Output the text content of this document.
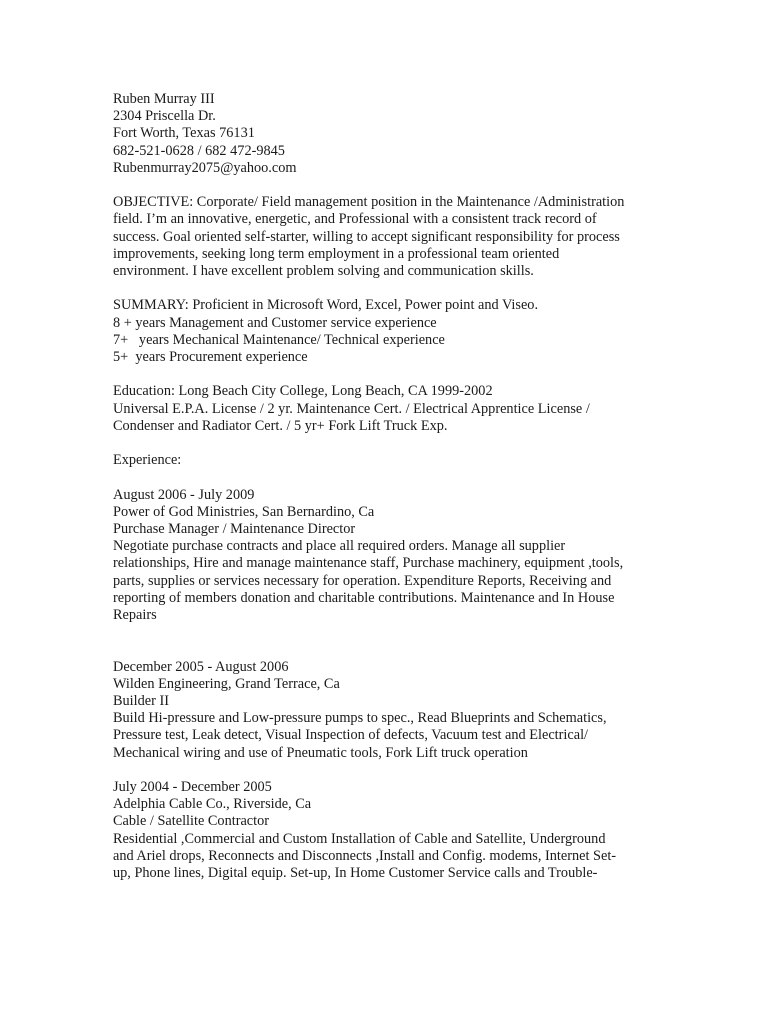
Ruben Murray III
2304 Priscella Dr.
Fort Worth, Texas 76131
682-521-0628 / 682 472-9845
Rubenmurray2075@yahoo.com
OBJECTIVE: Corporate/ Field management position in the Maintenance /Administration
field. I’m an innovative, energetic, and Professional with a consistent track record of
success. Goal oriented self-starter, willing to accept significant responsibility for process
improvements, seeking long term employment in a professional team oriented
environment. I have excellent problem solving and communication skills.
SUMMARY: Proficient in Microsoft Word, Excel, Power point and Viseo.
8 + years Management and Customer service experience
7+   years Mechanical Maintenance/ Technical experience
5+  years Procurement experience
Education: Long Beach City College, Long Beach, CA 1999-2002
Universal E.P.A. License / 2 yr. Maintenance Cert. / Electrical Apprentice License /
Condenser and Radiator Cert. / 5 yr+ Fork Lift Truck Exp.
Experience:
August 2006 - July 2009
Power of God Ministries, San Bernardino, Ca
Purchase Manager / Maintenance Director
Negotiate purchase contracts and place all required orders. Manage all supplier
relationships, Hire and manage maintenance staff, Purchase machinery, equipment ,tools,
parts, supplies or services necessary for operation. Expenditure Reports, Receiving and
reporting of members donation and charitable contributions. Maintenance and In House
Repairs
December 2005 - August 2006
Wilden Engineering, Grand Terrace, Ca
Builder II
Build Hi-pressure and Low-pressure pumps to spec., Read Blueprints and Schematics,
Pressure test, Leak detect, Visual Inspection of defects, Vacuum test and Electrical/
Mechanical wiring and use of Pneumatic tools, Fork Lift truck operation
July 2004 - December 2005
Adelphia Cable Co., Riverside, Ca
Cable / Satellite Contractor
Residential ,Commercial and Custom Installation of Cable and Satellite, Underground
and Ariel drops, Reconnects and Disconnects ,Install and Config. modems, Internet Set-
up, Phone lines, Digital equip. Set-up, In Home Customer Service calls and Trouble-
